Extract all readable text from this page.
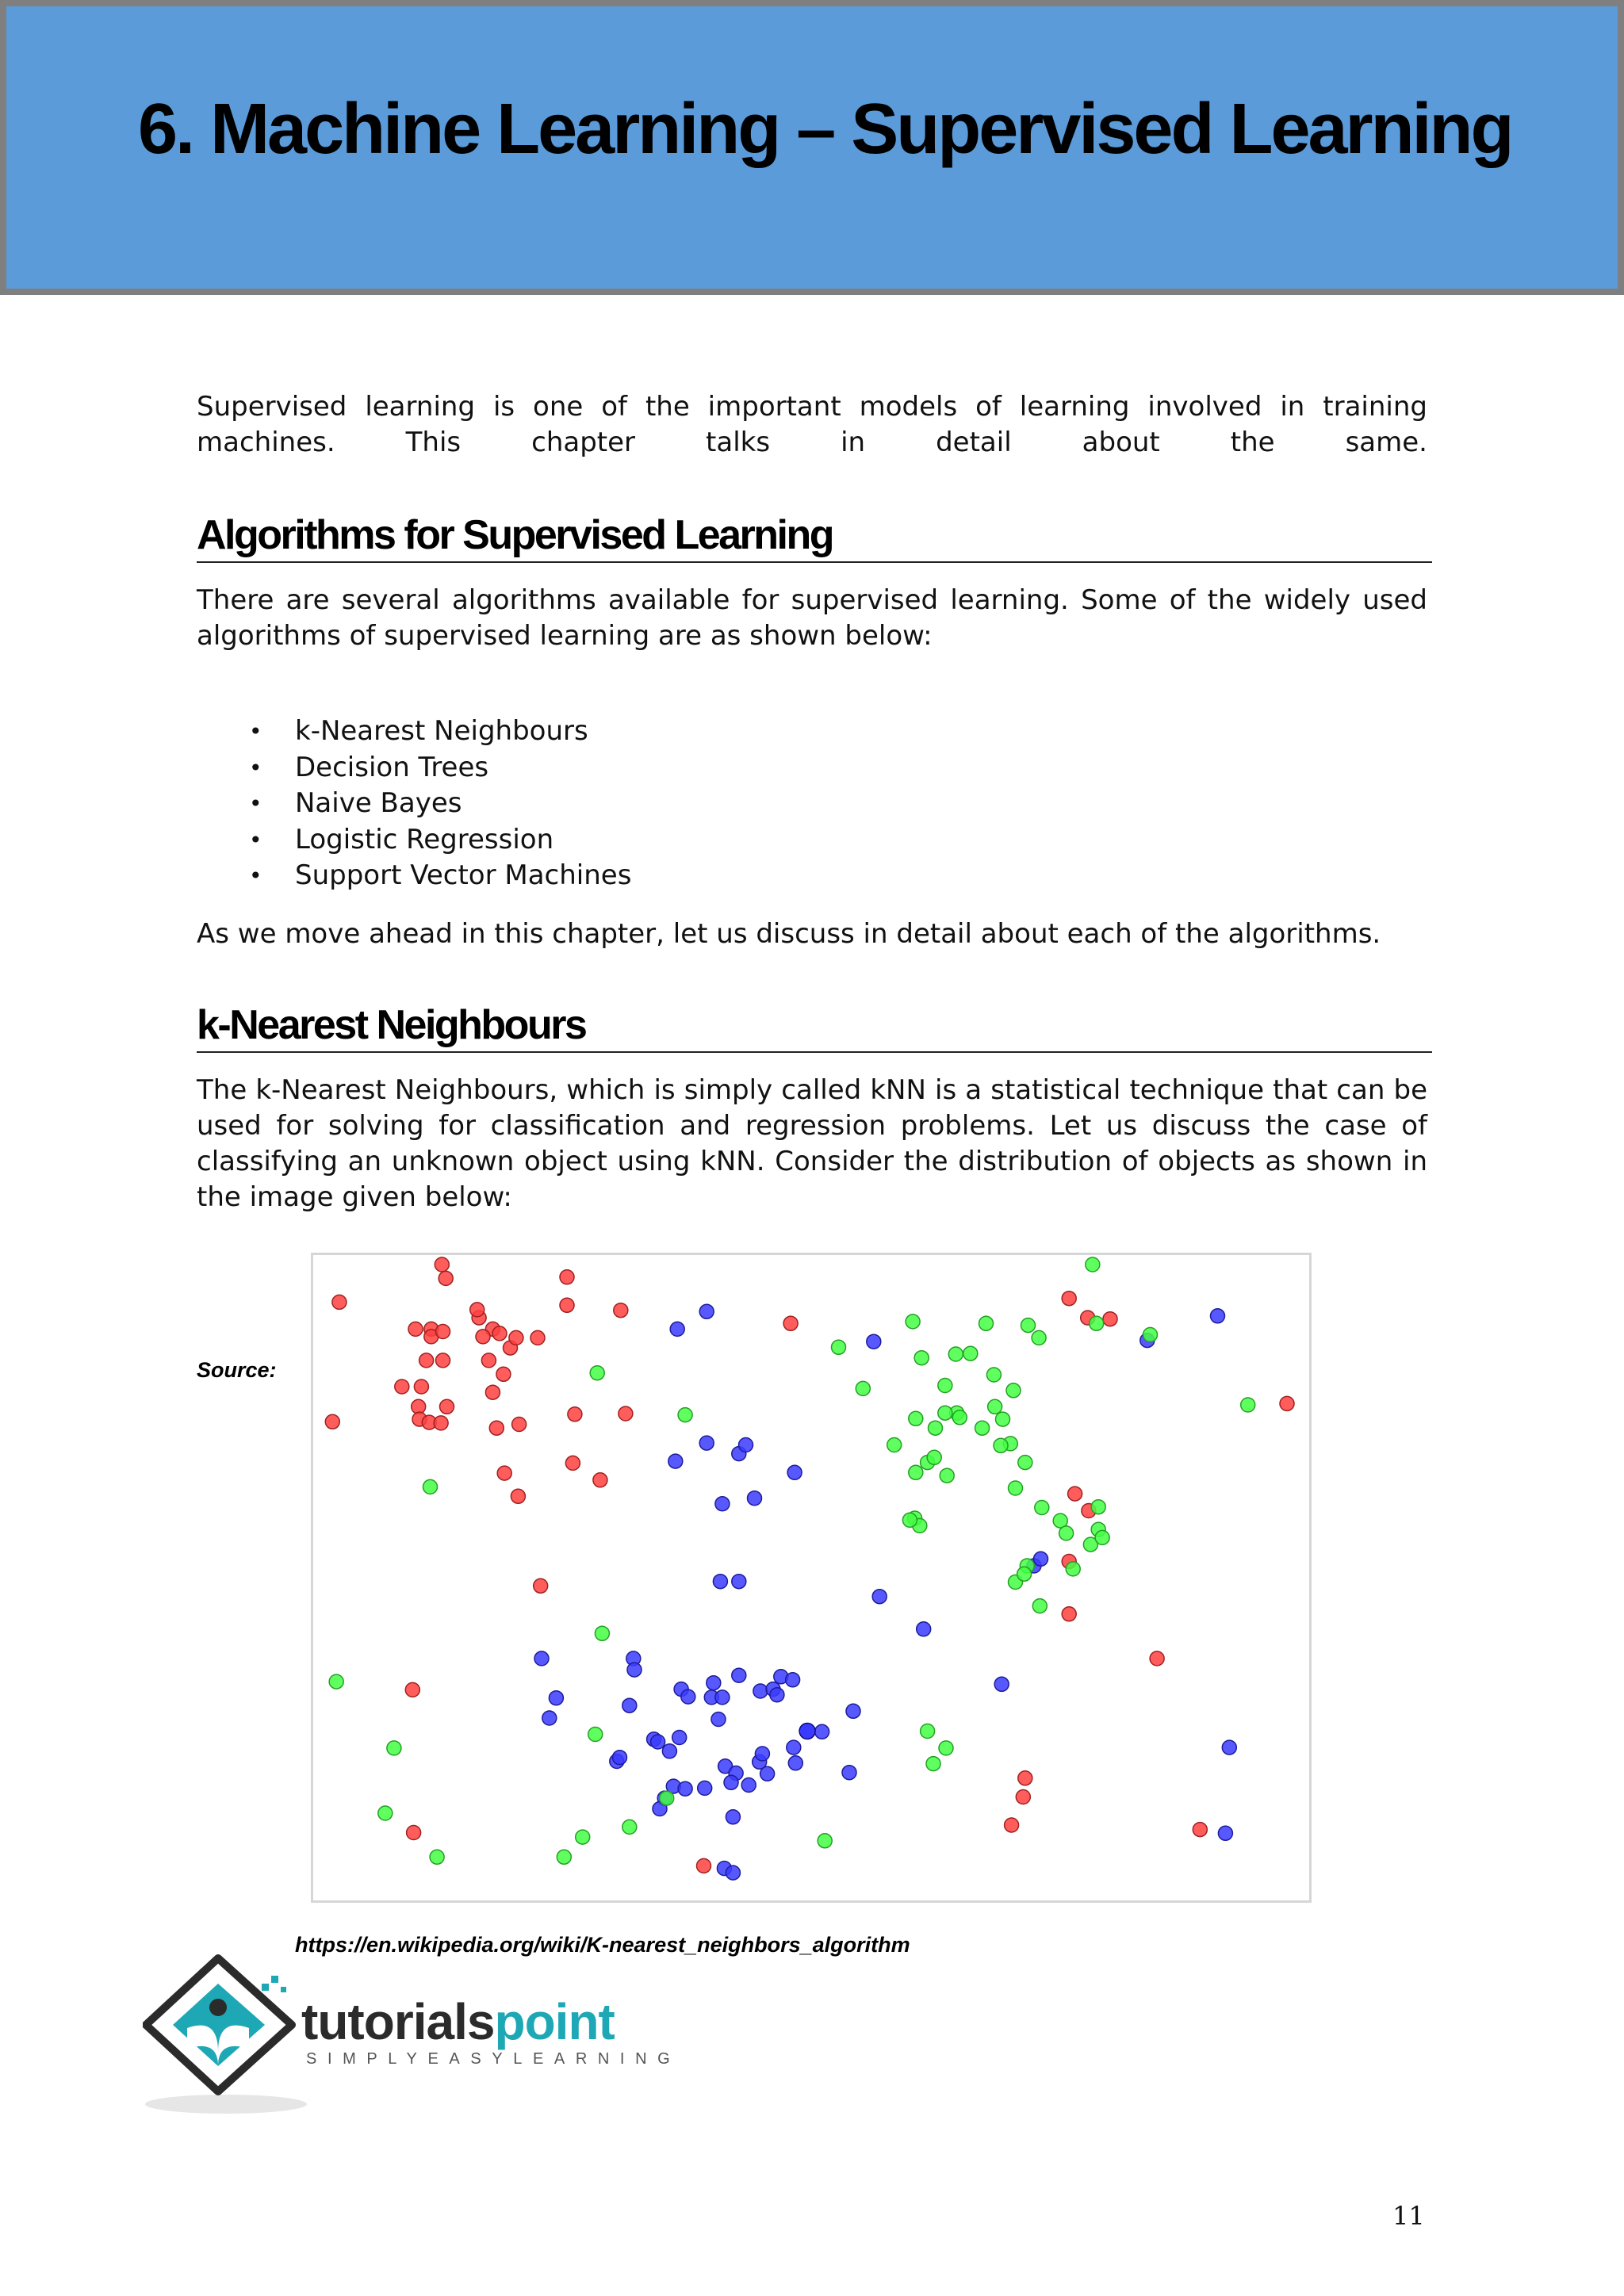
6. Machine Learning – Supervised Learning

Supervised learning is one of the important models of learning involved in training machines. This chapter talks in detail about the same.

Algorithms for Supervised Learning

There are several algorithms available for supervised learning. Some of the widely used algorithms of supervised learning are as shown below:

• k-Nearest Neighbours
• Decision Trees
• Naive Bayes
• Logistic Regression
• Support Vector Machines

As we move ahead in this chapter, let us discuss in detail about each of the algorithms.

k-Nearest Neighbours

The k-Nearest Neighbours, which is simply called kNN is a statistical technique that can be used for solving for classification and regression problems. Let us discuss the case of classifying an unknown object using kNN. Consider the distribution of objects as shown in the image given below:

Source:
https://en.wikipedia.org/wiki/K-nearest_neighbors_algorithm
tutorialspoint
SIMPLYEASYLEARNING
11
